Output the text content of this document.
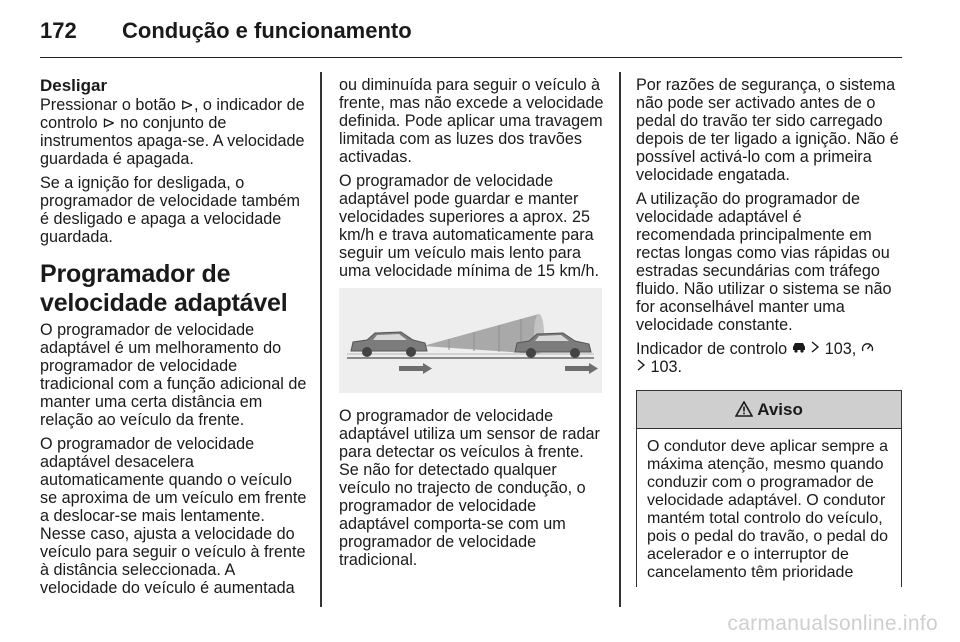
172 Condução e funcionamento
Desligar

Pressionar o botão ⊳, o indicador de controlo ⊳ no conjunto de instrumentos apaga-se. A velocidade guardada é apagada.

Se a ignição for desligada, o programador de velocidade também é desligado e apaga a velocidade guardada.

Programador de velocidade adaptável

O programador de velocidade adaptável é um melhoramento do programador de velocidade tradicional com a função adicional de manter uma certa distância em relação ao veículo da frente.

O programador de velocidade adaptável desacelera automaticamente quando o veículo se aproxima de um veículo em frente a deslocar-se mais lentamente. Nesse caso, ajusta a velocidade do veículo para seguir o veículo à frente à distância seleccionada. A velocidade do veículo é aumentada

ou diminuída para seguir o veículo à frente, mas não excede a velocidade definida. Pode aplicar uma travagem limitada com as luzes dos travões activadas.

O programador de velocidade adaptável pode guardar e manter velocidades superiores a aprox. 25 km/h e trava automaticamente para seguir um veículo mais lento para uma velocidade mínima de 15 km/h.

O programador de velocidade adaptável utiliza um sensor de radar para detectar os veículos à frente. Se não for detectado qualquer veículo no trajecto de condução, o programador de velocidade adaptável comporta-se com um programador de velocidade tradicional.

Por razões de segurança, o sistema não pode ser activado antes de o pedal do travão ter sido carregado depois de ter ligado a ignição. Não é possível activá-lo com a primeira velocidade engatada.

A utilização do programador de velocidade adaptável é recomendada principalmente em rectas longas como vias rápidas ou estradas secundárias com tráfego fluido. Não utilizar o sistema se não for aconselhável manter uma velocidade constante.

Indicador de controlo 103,
103.

Aviso
O condutor deve aplicar sempre a máxima atenção, mesmo quando conduzir com o programador de velocidade adaptável. O condutor mantém total controlo do veículo, pois o pedal do travão, o pedal do acelerador e o interruptor de cancelamento têm prioridade
carmanualsonline.info
